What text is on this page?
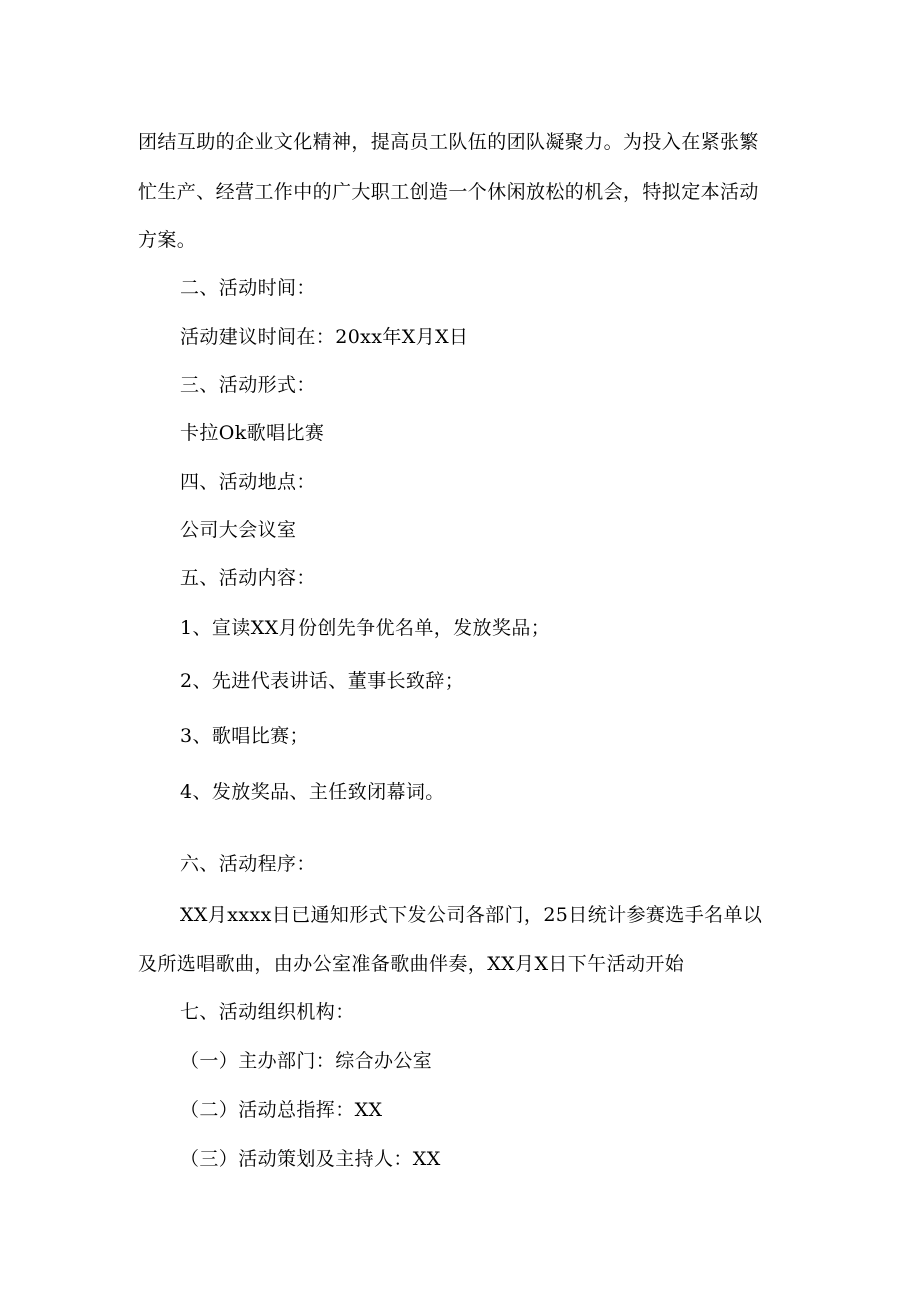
团结互助的企业文化精神，提高员工队伍的团队凝聚力。为投入在紧张繁
忙生产、经营工作中的广大职工创造一个休闲放松的机会，特拟定本活动
方案。
二、活动时间：
活动建议时间在：20xx年X月X日
三、活动形式：
卡拉Ok歌唱比赛
四、活动地点：
公司大会议室
五、活动内容：
1、宣读XX月份创先争优名单，发放奖品；
2、先进代表讲话、董事长致辞；
3、歌唱比赛；
4、发放奖品、主任致闭幕词。
六、活动程序：
XX月xxxx日已通知形式下发公司各部门，25日统计参赛选手名单以
及所选唱歌曲，由办公室准备歌曲伴奏，XX月X日下午活动开始
七、活动组织机构：
（一）主办部门：综合办公室
（二）活动总指挥：XX
（三）活动策划及主持人：XX
